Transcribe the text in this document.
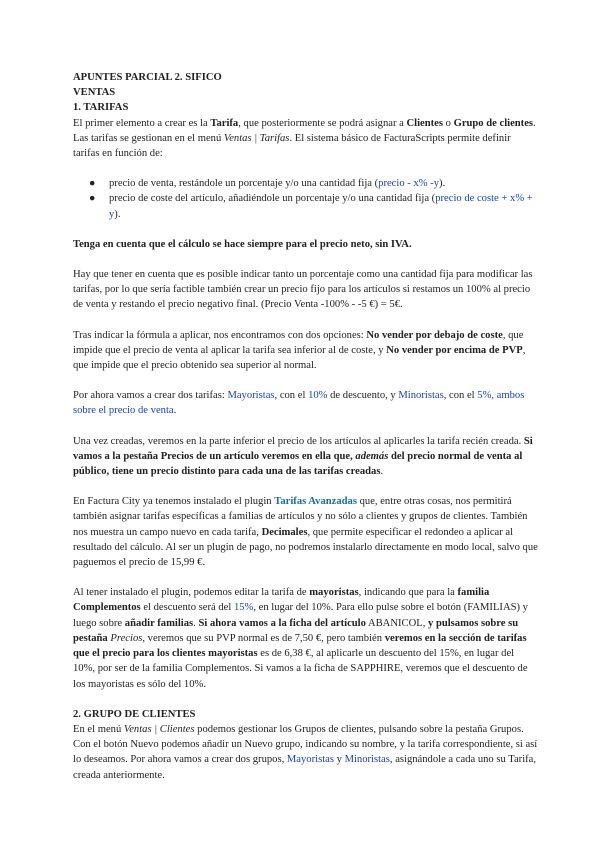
APUNTES PARCIAL 2. SIFICO

VENTAS

1. TARIFAS

El primer elemento a crear es la Tarifa, que posteriormente se podrá asignar a Clientes o Grupo de clientes. Las tarifas se gestionan en el menú Ventas | Tarifas. El sistema básico de FacturaScripts permite definir tarifas en función de:

● precio de venta, restándole un porcentaje y/o una cantidad fija (precio - x% -y).
● precio de coste del artículo, añadiéndole un porcentaje y/o una cantidad fija (precio de coste + x% + y).

Tenga en cuenta que el cálculo se hace siempre para el precio neto, sin IVA.

Hay que tener en cuenta que es posible indicar tanto un porcentaje como una cantidad fija para modificar las tarifas, por lo que sería factible también crear un precio fijo para los artículos si restamos un 100% al precio de venta y restando el precio negativo final. (Precio Venta -100% - -5 €) = 5€.

Tras indicar la fórmula a aplicar, nos encontramos con dos opciones: No vender por debajo de coste, que impide que el precio de venta al aplicar la tarifa sea inferior al de coste, y No vender por encima de PVP, que impide que el precio obtenido sea superior al normal.

Por ahora vamos a crear dos tarifas: Mayoristas, con el 10% de descuento, y Minoristas, con el 5%, ambos sobre el precio de venta.

Una vez creadas, veremos en la parte inferior el precio de los artículos al aplicarles la tarifa recién creada. Si vamos a la pestaña Precios de un artículo veremos en ella que, además del precio normal de venta al público, tiene un precio distinto para cada una de las tarifas creadas.

En Factura City ya tenemos instalado el plugin Tarifas Avanzadas que, entre otras cosas, nos permitirá también asignar tarifas específicas a familias de artículos y no sólo a clientes y grupos de clientes. También nos muestra un campo nuevo en cada tarifa, Decimales, que permite especificar el redondeo a aplicar al resultado del cálculo. Al ser un plugin de pago, no podremos instalarlo directamente en modo local, salvo que paguemos el precio de 15,99 €.

Al tener instalado el plugin, podemos editar la tarifa de mayoristas, indicando que para la familia Complementos el descuento será del 15%, en lugar del 10%. Para ello pulse sobre el botón (FAMILIAS) y luego sobre añadir familias. Si ahora vamos a la ficha del artículo ABANICOL, y pulsamos sobre su pestaña Precios, veremos que su PVP normal es de 7,50 €, pero también veremos en la sección de tarifas que el precio para los clientes mayoristas es de 6,38 €, al aplicarle un descuento del 15%, en lugar del 10%, por ser de la familia Complementos. Si vamos a la ficha de SAPPHIRE, veremos que el descuento de los mayoristas es sólo del 10%.

2. GRUPO DE CLIENTES

En el menú Ventas | Clientes podemos gestionar los Grupos de clientes, pulsando sobre la pestaña Grupos. Con el botón Nuevo podemos añadir un Nuevo grupo, indicando su nombre, y la tarifa correspondiente, si así lo deseamos. Por ahora vamos a crear dos grupos, Mayoristas y Minoristas, asignándole a cada uno su Tarifa, creada anteriormente.
